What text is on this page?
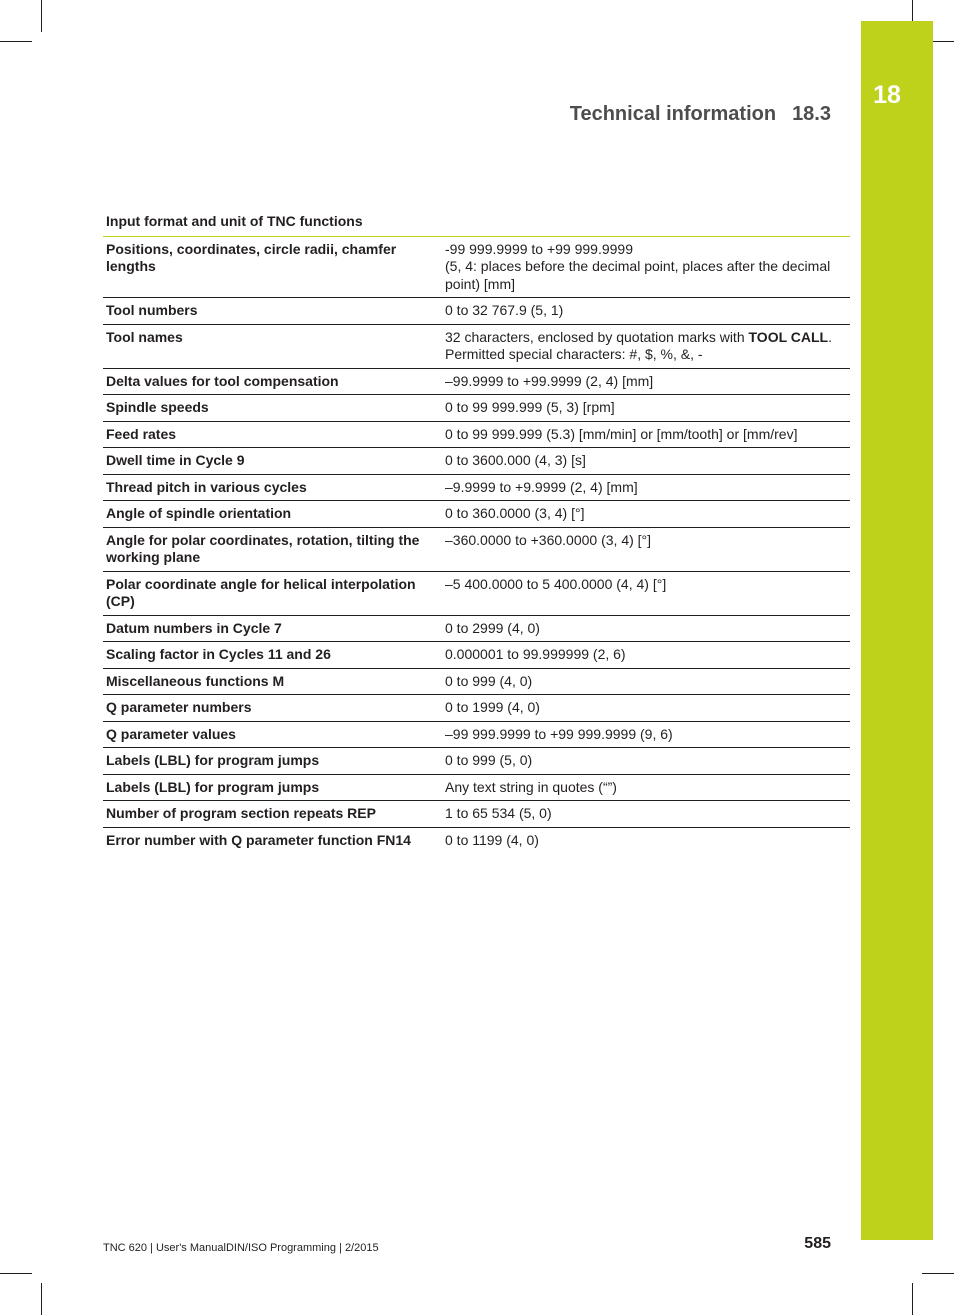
18
Technical information 18.3
Input format and unit of TNC functions	
Positions, coordinates, circle radii, chamfer lengths	-99 999.9999 to +99 999.9999
(5, 4: places before the decimal point, places after the decimal point) [mm]

Tool numbers	0 to 32 767.9 (5, 1)
Tool names	32 characters, enclosed by quotation marks with TOOL CALL. Permitted special characters: #, $, %, &, -
Delta values for tool compensation	–99.9999 to +99.9999 (2, 4) [mm]
Spindle speeds	0 to 99 999.999 (5, 3) [rpm]
Feed rates	0 to 99 999.999 (5.3) [mm/min] or [mm/tooth] or [mm/rev]
Dwell time in Cycle 9	0 to 3600.000 (4, 3) [s]
Thread pitch in various cycles	–9.9999 to +9.9999 (2, 4) [mm]
Angle of spindle orientation	0 to 360.0000 (3, 4) [°]
Angle for polar coordinates, rotation, tilting the working plane	–360.0000 to +360.0000 (3, 4) [°]
Polar coordinate angle for helical interpolation (CP)	–5 400.0000 to 5 400.0000 (4, 4) [°]
Datum numbers in Cycle 7	0 to 2999 (4, 0)
Scaling factor in Cycles 11 and 26	0.000001 to 99.999999 (2, 6)
Miscellaneous functions M	0 to 999 (4, 0)
Q parameter numbers	0 to 1999 (4, 0)
Q parameter values	–99 999.9999 to +99 999.9999 (9, 6)
Labels (LBL) for program jumps	0 to 999 (5, 0)
Labels (LBL) for program jumps	Any text string in quotes (“”)
Number of program section repeats REP	1 to 65 534 (5, 0)
Error number with Q parameter function FN14	0 to 1199 (4, 0)
TNC 620 | User's ManualDIN/ISO Programming | 2/2015	585
